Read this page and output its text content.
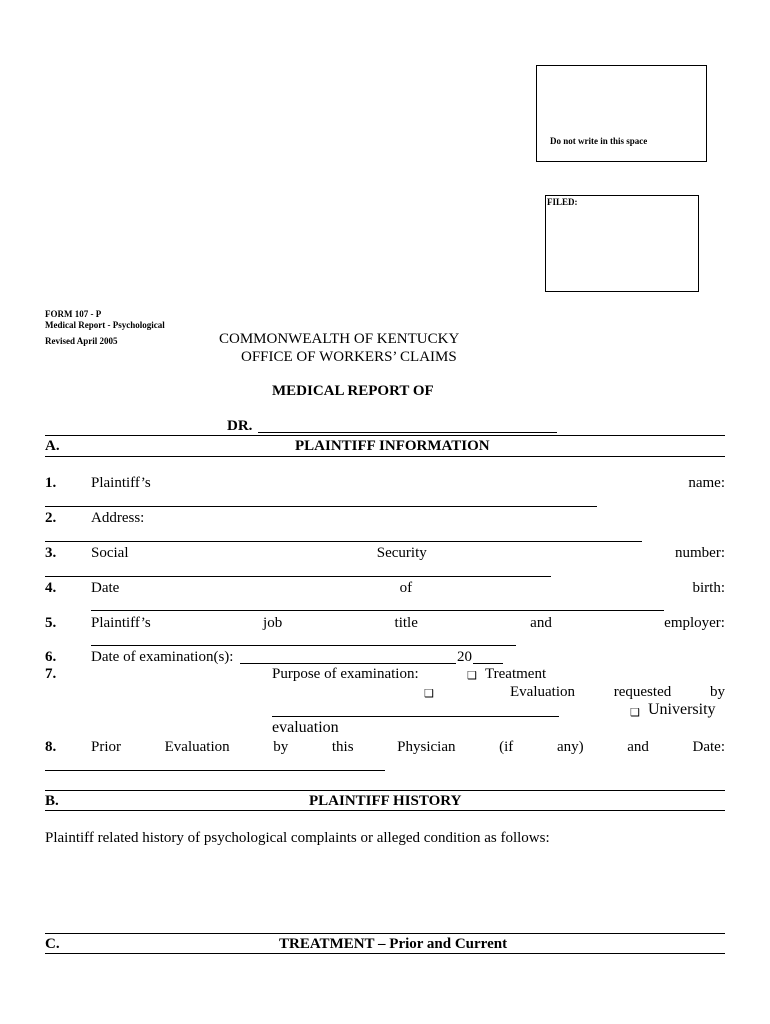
Do not write in this space
FILED:
FORM 107 - P
Medical Report - Psychological
Revised April 2005	COMMONWEALTH OF KENTUCKY
OFFICE OF WORKERS’ CLAIMS
MEDICAL REPORT OF
DR.
A.	PLAINTIFF INFORMATION
1. Plaintiff’s	name:
2. Address:
3. Social	Security	number:
4. Date	of	birth:
5. Plaintiff’s	job	title	and	employer:
6. Date of examination(s):	20
7.	Purpose of examination:	❑ Treatment
❑	Evaluation	requested	by
❑ University
evaluation
8. Prior	Evaluation	by	this	Physician	(if	any)	and	Date:
B.	PLAINTIFF HISTORY
Plaintiff related history of psychological complaints or alleged condition as follows:
C.	TREATMENT – Prior and Current
